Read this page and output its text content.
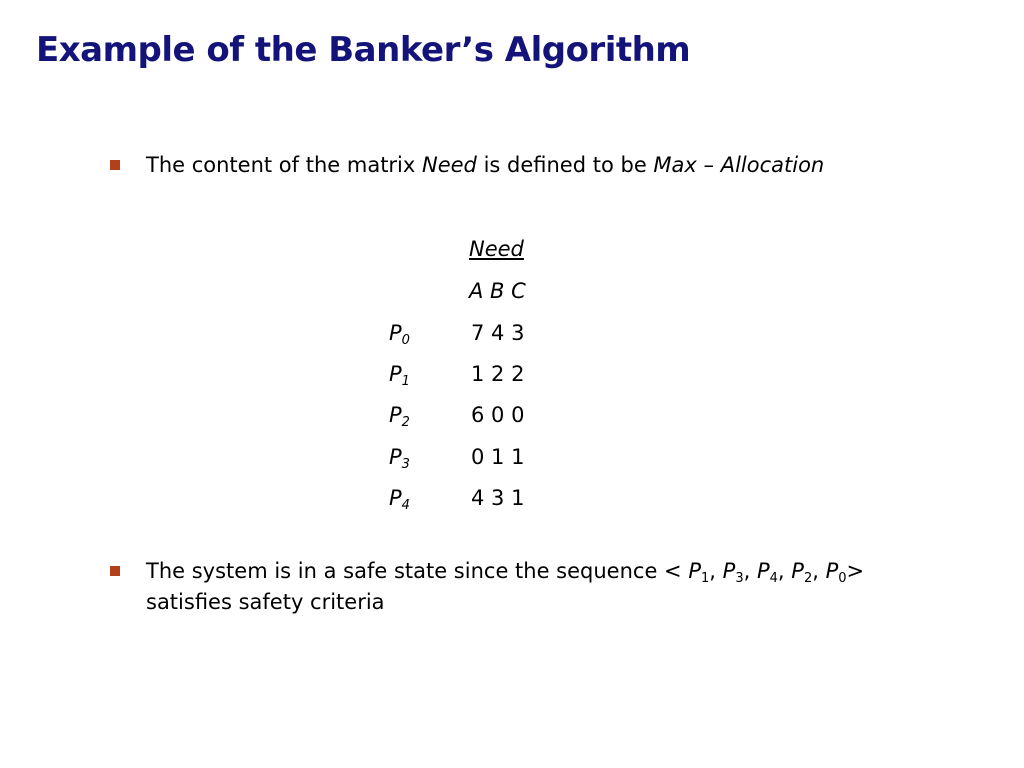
Example of the Banker’s Algorithm
The content of the matrix Need is defined to be Max – Allocation
Need
A B C
$P_0$	7 4 3
$P_1$	1 2 2
$P_2$	6 0 0
$P_3$	0 1 1
$P_4$	4 3 1
The system is in a safe state since the sequence < $P_1$, $P_3$, $P_4$, $P_2$, $P_0>$
satisfies safety criteria
